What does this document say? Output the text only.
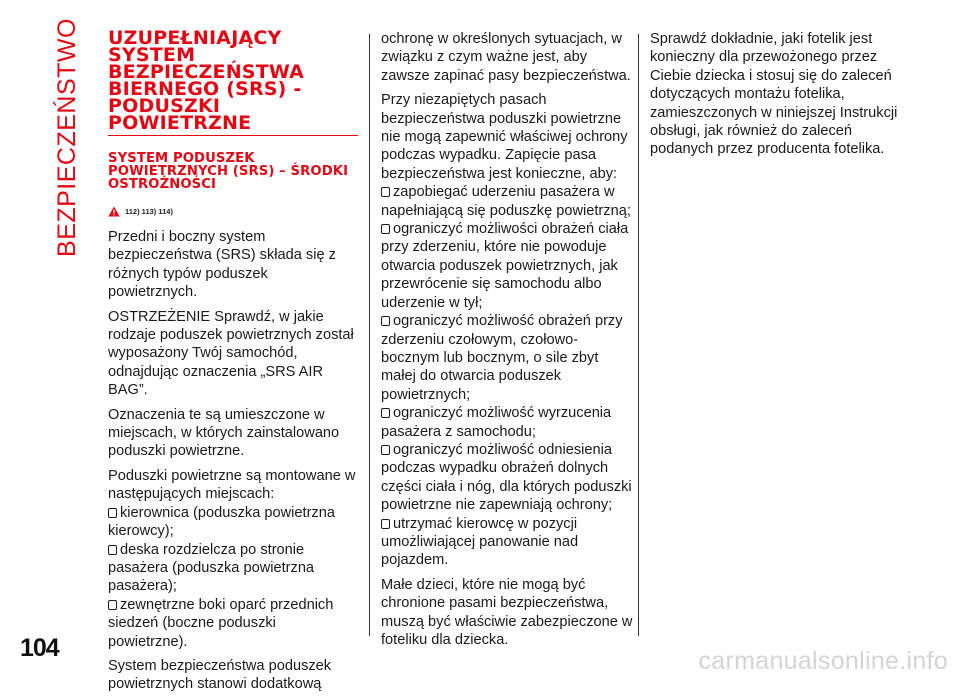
BEZPIECZEŃSTWO UZUPEŁNIAJĄCY SYSTEM BEZPIECZEŃSTWA BIERNEGO (SRS) - PODUSZKI POWIETRZNE
SYSTEM PODUSZEK POWIETRZNYCH (SRS) – ŚRODKI OSTROŻNOŚCI
112) 113) 114)

Przedni i boczny system bezpieczeństwa (SRS) składa się z różnych typów poduszek powietrznych.

OSTRZEŻENIE Sprawdź, w jakie rodzaje poduszek powietrznych został wyposażony Twój samochód, odnajdując oznaczenia „SRS AIR BAG”.

Oznaczenia te są umieszczone w miejscach, w których zainstalowano poduszki powietrzne.

Poduszki powietrzne są montowane w następujących miejscach:
kierownica (poduszka powietrzna kierowcy);
deska rozdzielcza po stronie pasażera (poduszka powietrzna pasażera);
zewnętrzne boki oparć przednich siedzeń (boczne poduszki powietrzne).

System bezpieczeństwa poduszek powietrznych stanowi dodatkową

ochronę w określonych sytuacjach, w związku z czym ważne jest, aby zawsze zapinać pasy bezpieczeństwa.

Przy niezapiętych pasach bezpieczeństwa poduszki powietrzne nie mogą zapewnić właściwej ochrony podczas wypadku. Zapięcie pasa bezpieczeństwa jest konieczne, aby:
zapobiegać uderzeniu pasażera w napełniającą się poduszkę powietrzną;
ograniczyć możliwości obrażeń ciała przy zderzeniu, które nie powoduje otwarcia poduszek powietrznych, jak przewrócenie się samochodu albo uderzenie w tył;
ograniczyć możliwość obrażeń przy zderzeniu czołowym, czołowo-bocznym lub bocznym, o sile zbyt małej do otwarcia poduszek powietrznych;
ograniczyć możliwość wyrzucenia pasażera z samochodu;
ograniczyć możliwość odniesienia podczas wypadku obrażeń dolnych części ciała i nóg, dla których poduszki powietrzne nie zapewniają ochrony;
utrzymać kierowcę w pozycji umożliwiającej panowanie nad pojazdem.

Małe dzieci, które nie mogą być chronione pasami bezpieczeństwa, muszą być właściwie zabezpieczone w foteliku dla dziecka.

Sprawdź dokładnie, jaki fotelik jest konieczny dla przewożonego przez Ciebie dziecka i stosuj się do zaleceń dotyczących montażu fotelika, zamieszczonych w niniejszej Instrukcji obsługi, jak również do zaleceń podanych przez producenta fotelika.

104	carmanualsonline.info
